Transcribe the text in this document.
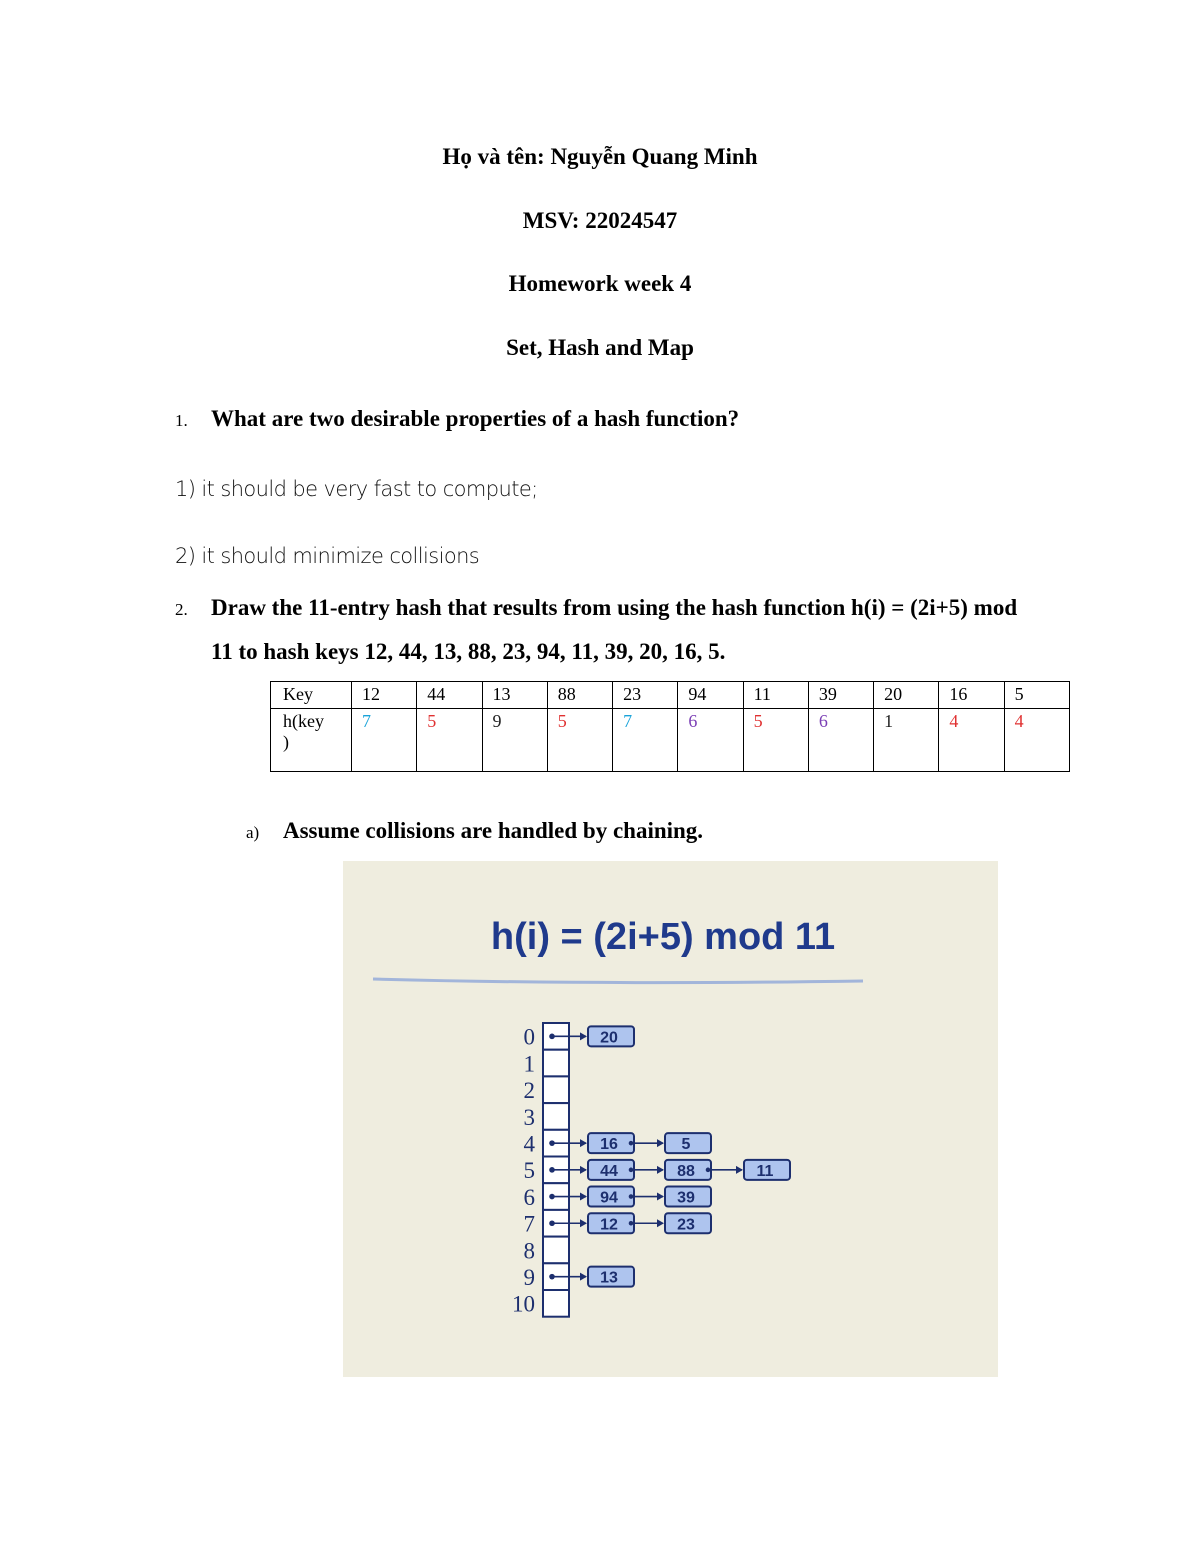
Họ và tên: Nguyễn Quang Minh
MSV: 22024547
Homework week 4
Set, Hash and Map
1. What are two desirable properties of a hash function?
1) it should be very fast to compute;
2) it should minimize collisions
2. Draw the 11-entry hash that results from using the hash function h(i) = (2i+5) mod
11 to hash keys 12, 44, 13, 88, 23, 94, 11, 39, 20, 16, 5.
Key	12	44	13	88	23	94	11	39	20	16	5
h(key
)	7	5	9	5	7	6	5	6	1	4	4
a) Assume collisions are handled by chaining.
h(i) = (2i+5) mod 11
0
1
2
3
4
5
6
7
8
9
10
20
16	5
44	88	11
94	39
12	23
13
